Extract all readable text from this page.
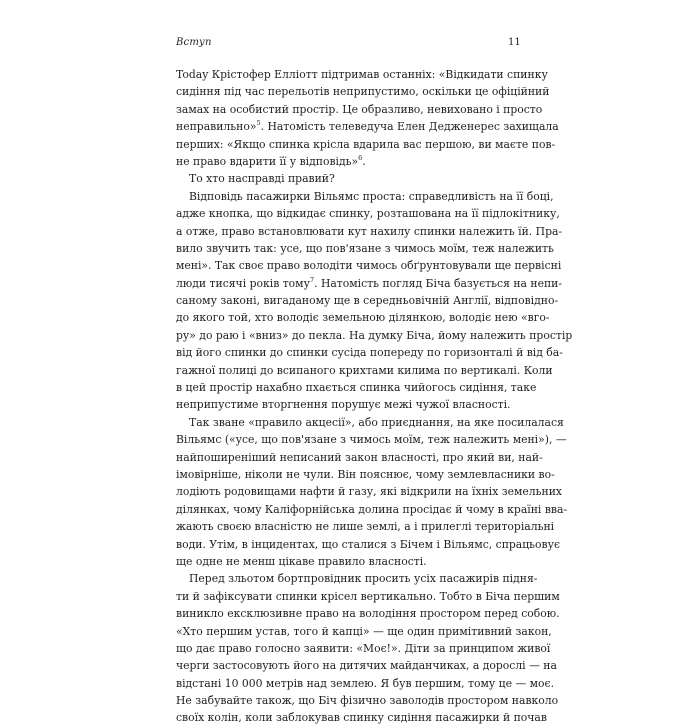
Вступ	11
Today Крістофер Елліотт підтримав останніх: «Відкидати спинку
сидіння під час перельотів неприпустимо, оскільки це офіційний
замах на особистий простір. Це образливо, невиховано і просто
неправильно»$^5$. Натомість телеведуча Елен Дедженерес захищала
перших: «Якщо спинка крісла вдарила вас першою, ви маєте пов-
не право вдарити її у відповідь»$^6$.
То хто насправді правий?
Відповідь пасажирки Вільямс проста: справедливість на її боці,
адже кнопка, що відкидає спинку, розташована на її підлокітнику,
а отже, право встановлювати кут нахилу спинки належить їй. Пра-
вило звучить так: усе, що пов'язане з чимось моїм, теж належить
мені». Так своє право володіти чимось обґрунтовували ще первісні
люди тисячі років тому$^7$. Натомість погляд Біча базується на непи-
саному законі, вигаданому ще в середньовічній Англії, відповідно-
до якого той, хто володіє земельною ділянкою, володіє нею «вго-
ру» до раю і «вниз» до пекла. На думку Біча, йому належить простір
від його спинки до спинки сусіда попереду по горизонталі й від ба-
гажної полиці до всипаного крихтами килима по вертикалі. Коли
в цей простір нахабно пхається спинка чийогось сидіння, таке
неприпустиме вторгнення порушує межі чужої власності.
Так зване «правило акцесії», або приєднання, на яке посилалася
Вільямс («усе, що пов'язане з чимось моїм, теж належить мені»), —
найпоширеніший неписаний закон власності, про який ви, най-
імовірніше, ніколи не чули. Він пояснює, чому землевласники во-
лодіють родовищами нафти й газу, які відкрили на їхніх земельних
ділянках, чому Каліфорнійська долина просідає й чому в країні вва-
жають своєю власністю не лише землі, а і прилеглі територіальні
води. Утім, в інцидентах, що сталися з Бічем і Вільямс, спрацьовує
ще одне не менш цікаве правило власності.
Перед зльотом бортпровідник просить усіх пасажирів підня-
ти й зафіксувати спинки крісел вертикально. Тобто в Біча першим
виникло ексклюзивне право на володіння простором перед собою.
«Хто першим устав, того й капці» — ще один примітивний закон,
що дає право голосно заявити: «Моє!». Діти за принципом живої
черги застосовують його на дитячих майданчиках, а дорослі — на
відстані 10 000 метрів над землею. Я був першим, тому це — моє.
Не забувайте також, що Біч фізично заволодів простором навколо
своїх колін, коли заблокував спинку сидіння пасажирки й почав
